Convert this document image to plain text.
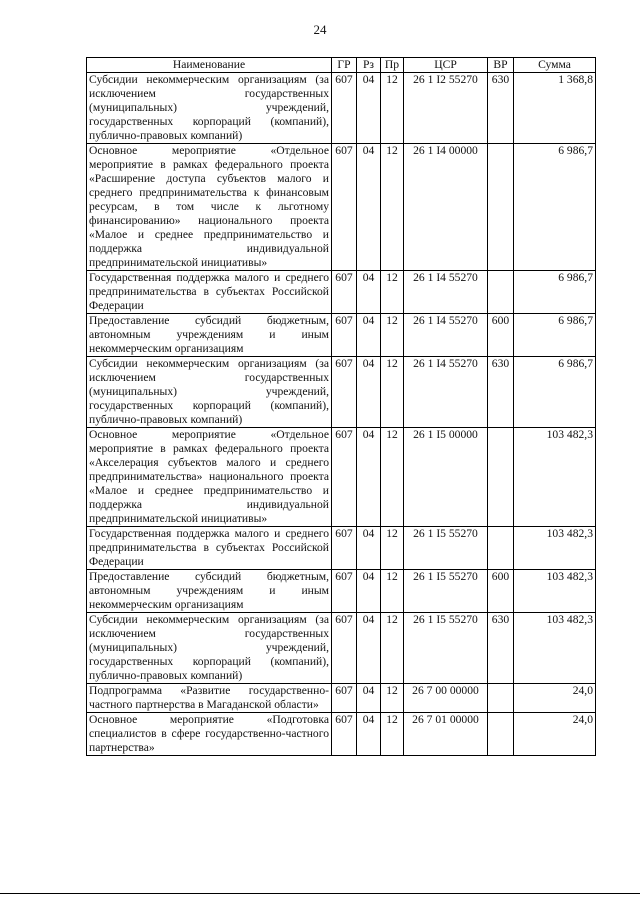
24
Наименование	ГР	Рз	Пр	ЦСР	ВР	Сумма
Субсидии некоммерческим организациям (за исключением государственных (муниципальных) учреждений, государственных корпораций (компаний), публично-правовых компаний)	607	04	12	26 1 I2 55270	630	1 368,8
Основное мероприятие «Отдельное мероприятие в рамках федерального проекта «Расширение доступа субъектов малого и среднего предпринимательства к финансовым ресурсам, в том числе к льготному финансированию» национального проекта «Малое и среднее предпринимательство и поддержка индивидуальной предпринимательской инициативы»	607	04	12	26 1 I4 00000		6 986,7
Государственная поддержка малого и среднего предпринимательства в субъектах Российской Федерации	607	04	12	26 1 I4 55270		6 986,7
Предоставление субсидий бюджетным, автономным учреждениям и иным некоммерческим организациям	607	04	12	26 1 I4 55270	600	6 986,7
Субсидии некоммерческим организациям (за исключением государственных (муниципальных) учреждений, государственных корпораций (компаний), публично-правовых компаний)	607	04	12	26 1 I4 55270	630	6 986,7
Основное мероприятие «Отдельное мероприятие в рамках федерального проекта «Акселерация субъектов малого и среднего предпринимательства» национального проекта «Малое и среднее предпринимательство и поддержка индивидуальной предпринимательской инициативы»	607	04	12	26 1 I5 00000		103 482,3
Государственная поддержка малого и среднего предпринимательства в субъектах Российской Федерации	607	04	12	26 1 I5 55270		103 482,3
Предоставление субсидий бюджетным, автономным учреждениям и иным некоммерческим организациям	607	04	12	26 1 I5 55270	600	103 482,3
Субсидии некоммерческим организациям (за исключением государственных (муниципальных) учреждений, государственных корпораций (компаний), публично-правовых компаний)	607	04	12	26 1 I5 55270	630	103 482,3
Подпрограмма «Развитие государственно-частного партнерства в Магаданской области»	607	04	12	26 7 00 00000		24,0
Основное мероприятие «Подготовка специалистов в сфере государственно-частного партнерства»	607	04	12	26 7 01 00000		24,0
